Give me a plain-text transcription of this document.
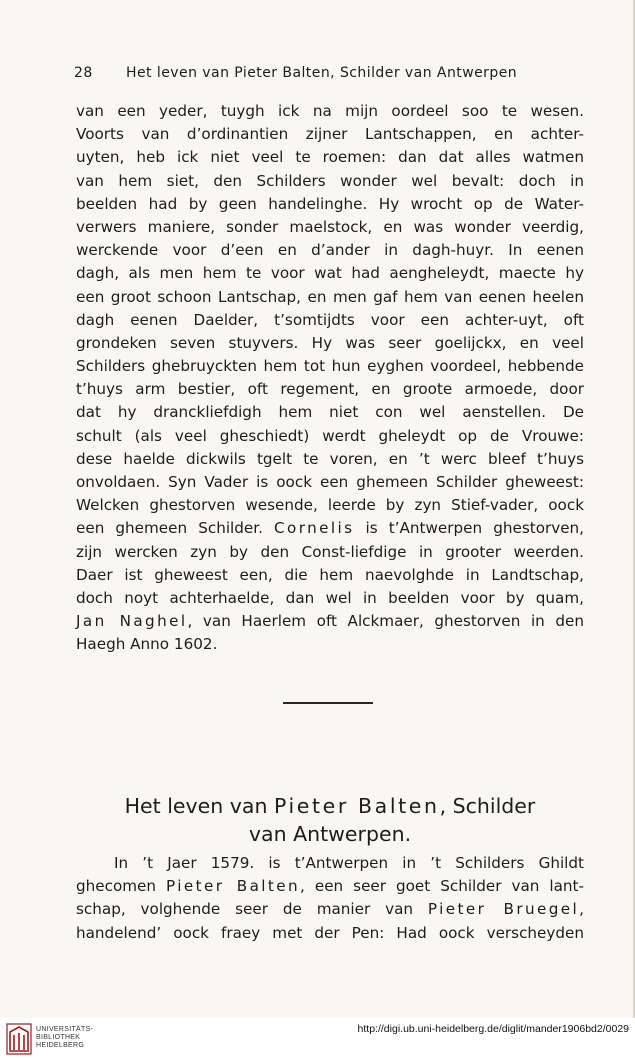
28 Het leven van Pieter Balten, Schilder van Antwerpen
van een yeder, tuygh ick na mijn oordeel soo te wesen.
Voorts van d’ordinantien zijner Lantschappen, en achter-
uyten, heb ick niet veel te roemen: dan dat alles watmen
van hem siet, den Schilders wonder wel bevalt: doch in
beelden had by geen handelinghe. Hy wrocht op de Water-
verwers maniere, sonder maelstock, en was wonder veerdig,
werckende voor d’een en d’ander in dagh-huyr. In eenen
dagh, als men hem te voor wat had aengheleydt, maecte hy
een groot schoon Lantschap, en men gaf hem van eenen heelen
dagh eenen Daelder, t’somtijdts voor een achter-uyt, oft
grondeken seven stuyvers. Hy was seer goelijckx, en veel
Schilders ghebruyckten hem tot hun eyghen voordeel, hebbende
t’huys arm bestier, oft regement, en groote armoede, door
dat hy dranckliefdigh hem niet con wel aenstellen. De
schult (als veel gheschiedt) werdt gheleydt op de Vrouwe:
dese haelde dickwils tgelt te voren, en ’t werc bleef t’huys
onvoldaen. Syn Vader is oock een ghemeen Schilder gheweest:
Welcken ghestorven wesende, leerde by zyn Stief-vader, oock
een ghemeen Schilder. Cornelis is t’Antwerpen ghestorven,
zijn wercken zyn by den Const-liefdige in grooter weerden.
Daer ist gheweest een, die hem naevolghde in Landtschap,
doch noyt achterhaelde, dan wel in beelden voor by quam,
Jan Naghel, van Haerlem oft Alckmaer, ghestorven in den
Haegh Anno 1602.
Het leven van Pieter Balten, Schilder
van Antwerpen.
In ’t Jaer 1579. is t’Antwerpen in ’t Schilders Ghildt
ghecomen Pieter Balten, een seer goet Schilder van lant-
schap, volghende seer de manier van Pieter Bruegel,
handelend’ oock fraey met der Pen: Had oock verscheyden
UNIVERSITÄTS-
BIBLIOTHEK
HEIDELBERG
http://digi.ub.uni-heidelberg.de/diglit/mander1906bd2/0029
